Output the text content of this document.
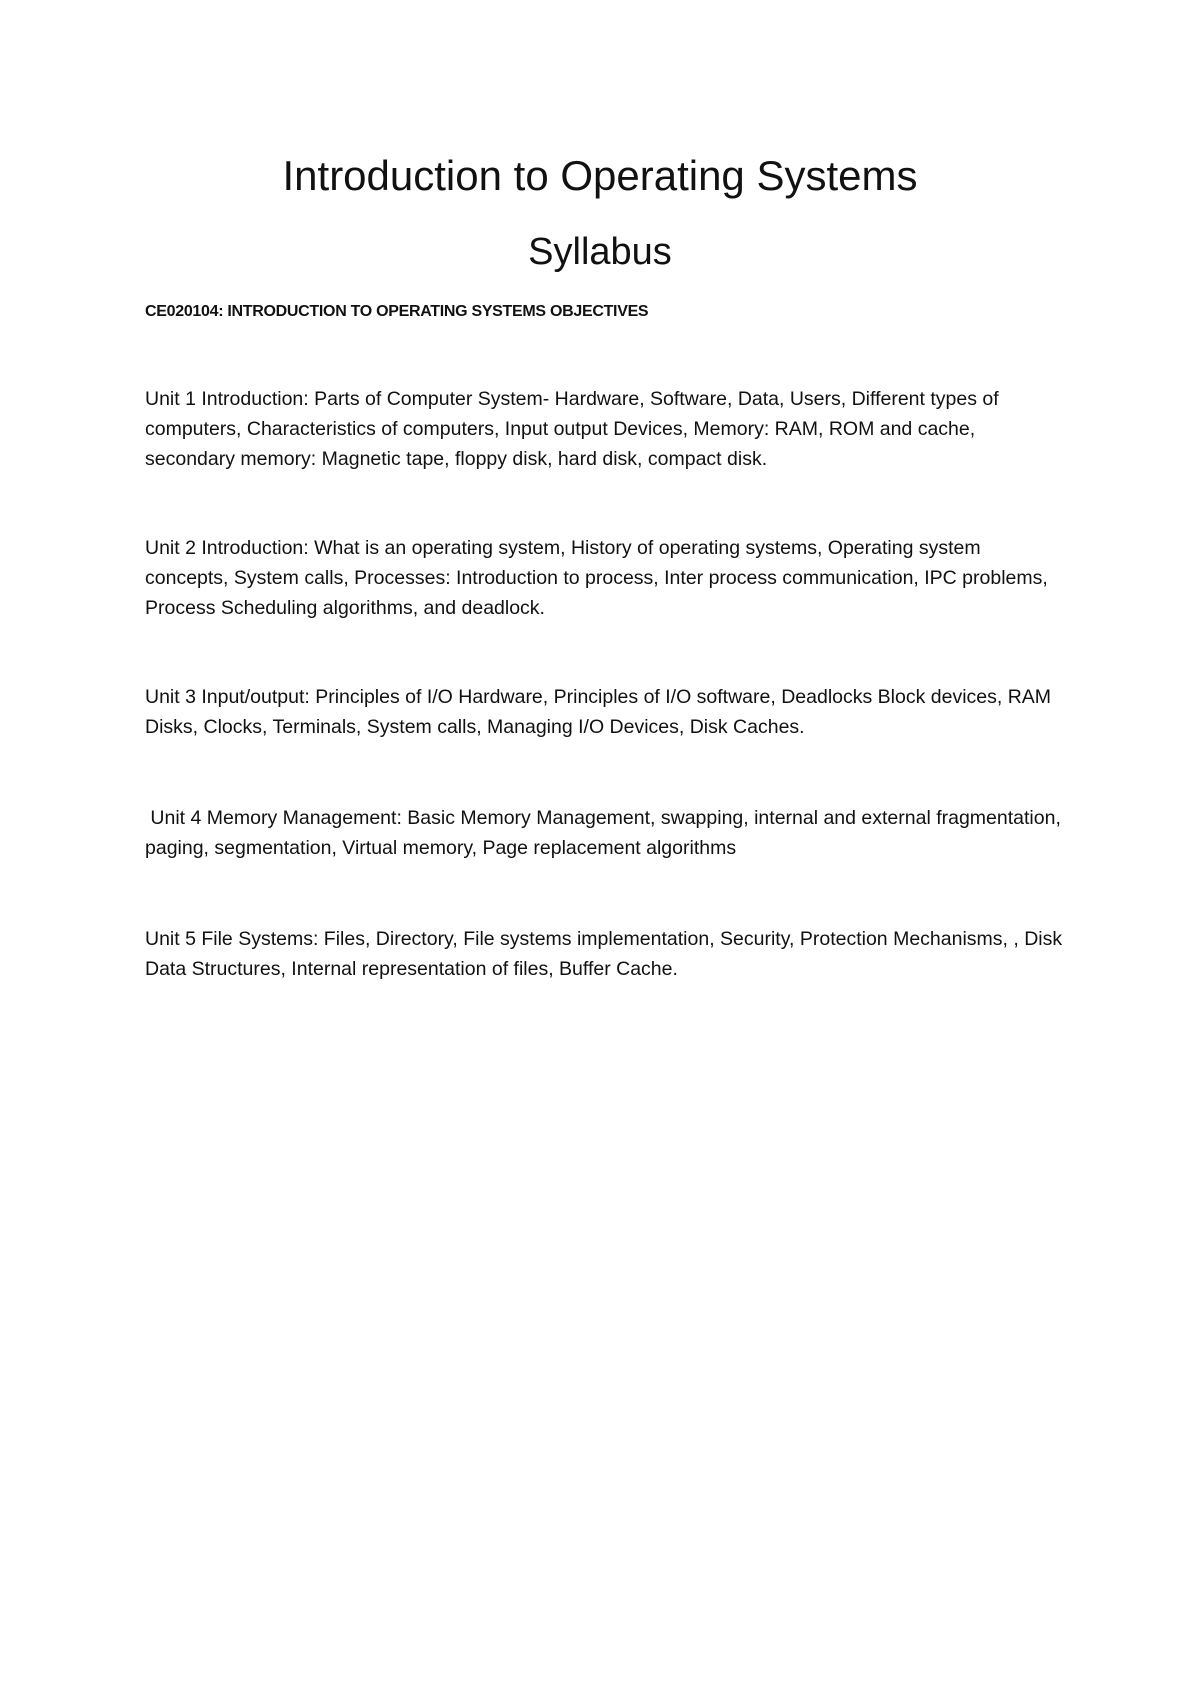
Introduction to Operating Systems
Syllabus

CE020104: INTRODUCTION TO OPERATING SYSTEMS OBJECTIVES

Unit 1 Introduction: Parts of Computer System- Hardware, Software, Data, Users, Different types of computers, Characteristics of computers, Input output Devices, Memory: RAM, ROM and cache, secondary memory: Magnetic tape, floppy disk, hard disk, compact disk.

Unit 2 Introduction: What is an operating system, History of operating systems, Operating system concepts, System calls, Processes: Introduction to process, Inter process communication, IPC problems, Process Scheduling algorithms, and deadlock.

Unit 3 Input/output: Principles of I/O Hardware, Principles of I/O software, Deadlocks Block devices, RAM Disks, Clocks, Terminals, System calls, Managing I/O Devices, Disk Caches.

Unit 4 Memory Management: Basic Memory Management, swapping, internal and external fragmentation, paging, segmentation, Virtual memory, Page replacement algorithms

Unit 5 File Systems: Files, Directory, File systems implementation, Security, Protection Mechanisms, , Disk Data Structures, Internal representation of files, Buffer Cache.
